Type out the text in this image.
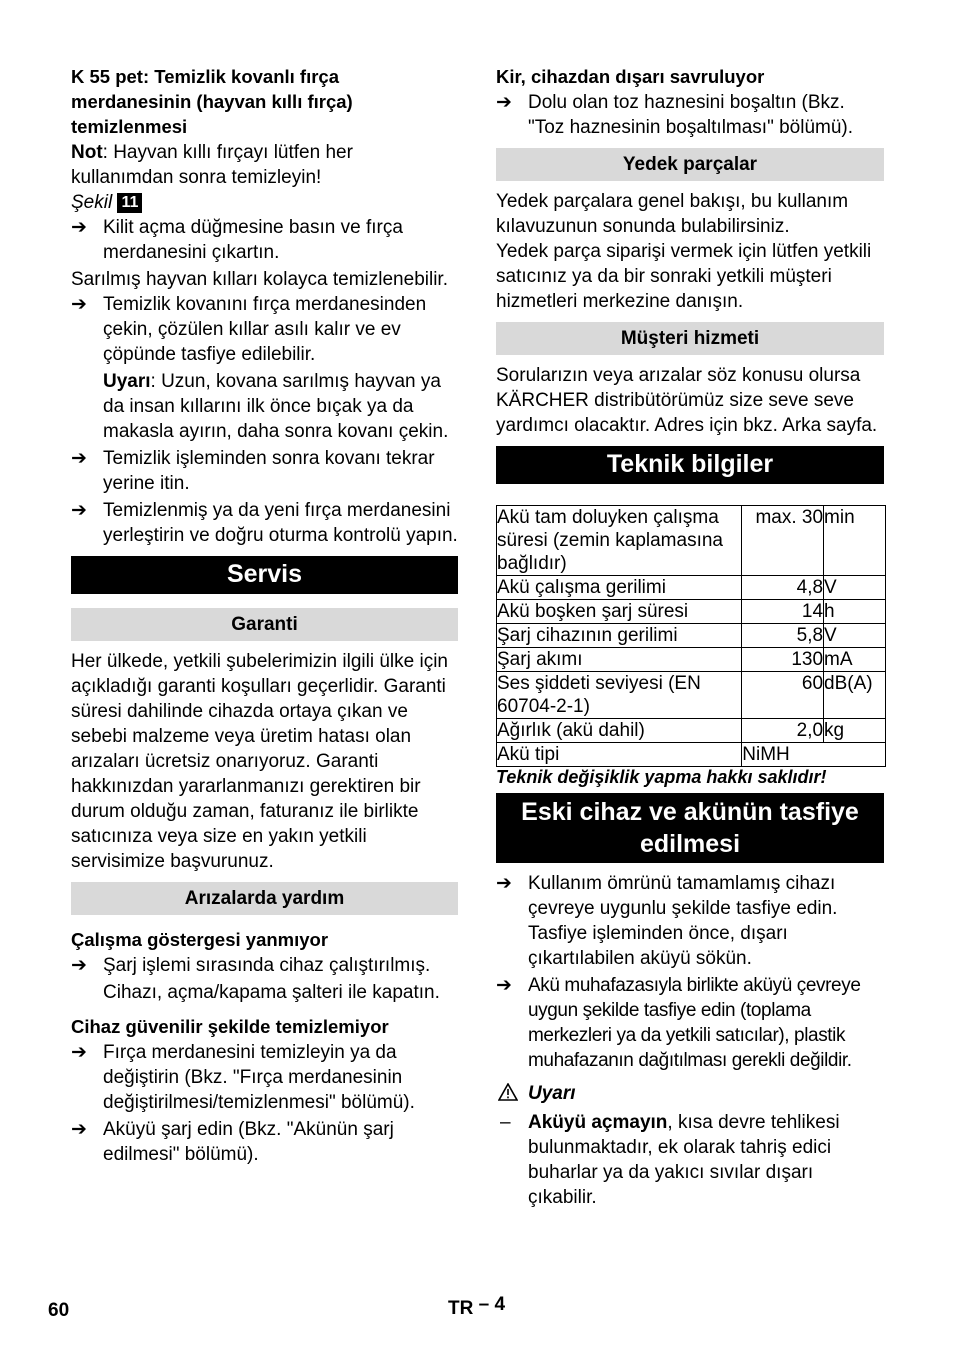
K 55 pet: Temizlik kovanlı fırça merdanesinin (hayvan kıllı fırça) temizlenmesi

Not: Hayvan kıllı fırçayı lütfen her kullanımdan sonra temizleyin!

Şekil 11

➔ Kilit açma düğmesine basın ve fırça merdanesini çıkartın.

Sarılmış hayvan kılları kolayca temizlenebilir.

➔ Temizlik kovanını fırça merdanesinden çekin, çözülen kıllar asılı kalır ve ev çöpünde tasfiye edilebilir.
Uyarı: Uzun, kovana sarılmış hayvan ya da insan kıllarını ilk önce bıçak ya da makasla ayırın, daha sonra kovanı çekin.
➔ Temizlik işleminden sonra kovanı tekrar yerine itin.
➔ Temizlenmiş ya da yeni fırça merdanesini yerleştirin ve doğru oturma kontrolü yapın.
Servis
Garanti

Her ülkede, yetkili şubelerimizin ilgili ülke için açıkladığı garanti koşulları geçerlidir. Garanti süresi dahilinde cihazda ortaya çıkan ve sebebi malzeme veya üretim hatası olan arızaları ücretsiz onarıyoruz. Garanti hakkınızdan yararlanmanızı gerektiren bir durum olduğu zaman, faturanız ile birlikte satıcınıza veya size en yakın yetkili servisimize başvurunuz.

Arızalarda yardım

Çalışma göstergesi yanmıyor

➔ Şarj işlemi sırasında cihaz çalıştırılmış.
Cihazı, açma/kapama şalteri ile kapatın.

Cihaz güvenilir şekilde temizlemiyor

➔ Fırça merdanesini temizleyin ya da değiştirin (Bkz. "Fırça merdanesinin değiştirilmesi/temizlenmesi" bölümü).
➔ Aküyü şarj edin (Bkz. "Akünün şarj edilmesi" bölümü).

Kir, cihazdan dışarı savruluyor

➔ Dolu olan toz haznesini boşaltın (Bkz. "Toz haznesinin boşaltılması" bölümü).
Yedek parçalar

Yedek parçalara genel bakışı, bu kullanım kılavuzunun sonunda bulabilirsiniz.

Yedek parça siparişi vermek için lütfen yetkili satıcınız ya da bir sonraki yetkili müşteri hizmetleri merkezine danışın.

Müşteri hizmeti

Sorularızın veya arızalar söz konusu olursa KÄRCHER distribütörümüz size seve seve yardımcı olacaktır. Adres için bkz. Arka sayfa.

Teknik bilgiler
Akü tam doluyken çalışma süresi (zemin kaplamasına bağlıdır)	max. 30	min
Akü çalışma gerilimi	4,8	V
Akü boşken şarj süresi	14	h
Şarj cihazının gerilimi	5,8	V
Şarj akımı	130	mA
Ses şiddeti seviyesi (EN 60704-2-1)	60	dB(A)
Ağırlık (akü dahil)	2,0	kg
Akü tipi	NiMH	

Teknik değişiklik yapma hakkı saklıdır!

Eski cihaz ve akünün tasfiye edilmesi
➔ Kullanım ömrünü tamamlamış cihazı çevreye uygunlu şekilde tasfiye edin. Tasfiye işleminden önce, dışarı çıkartılabilen aküyü sökün.
➔ Akü muhafazasıyla birlikte aküyü çevreye uygun şekilde tasfiye edin (toplama merkezleri ya da yetkili satıcılar), plastik muhafazanın dağıtılması gerekli değildir.
Uyarı
– Aküyü açmayın, kısa devre tehlikesi bulunmaktadır, ek olarak tahriş edici buharlar ya da yakıcı sıvılar dışarı çıkabilir.
60	TR – 4
